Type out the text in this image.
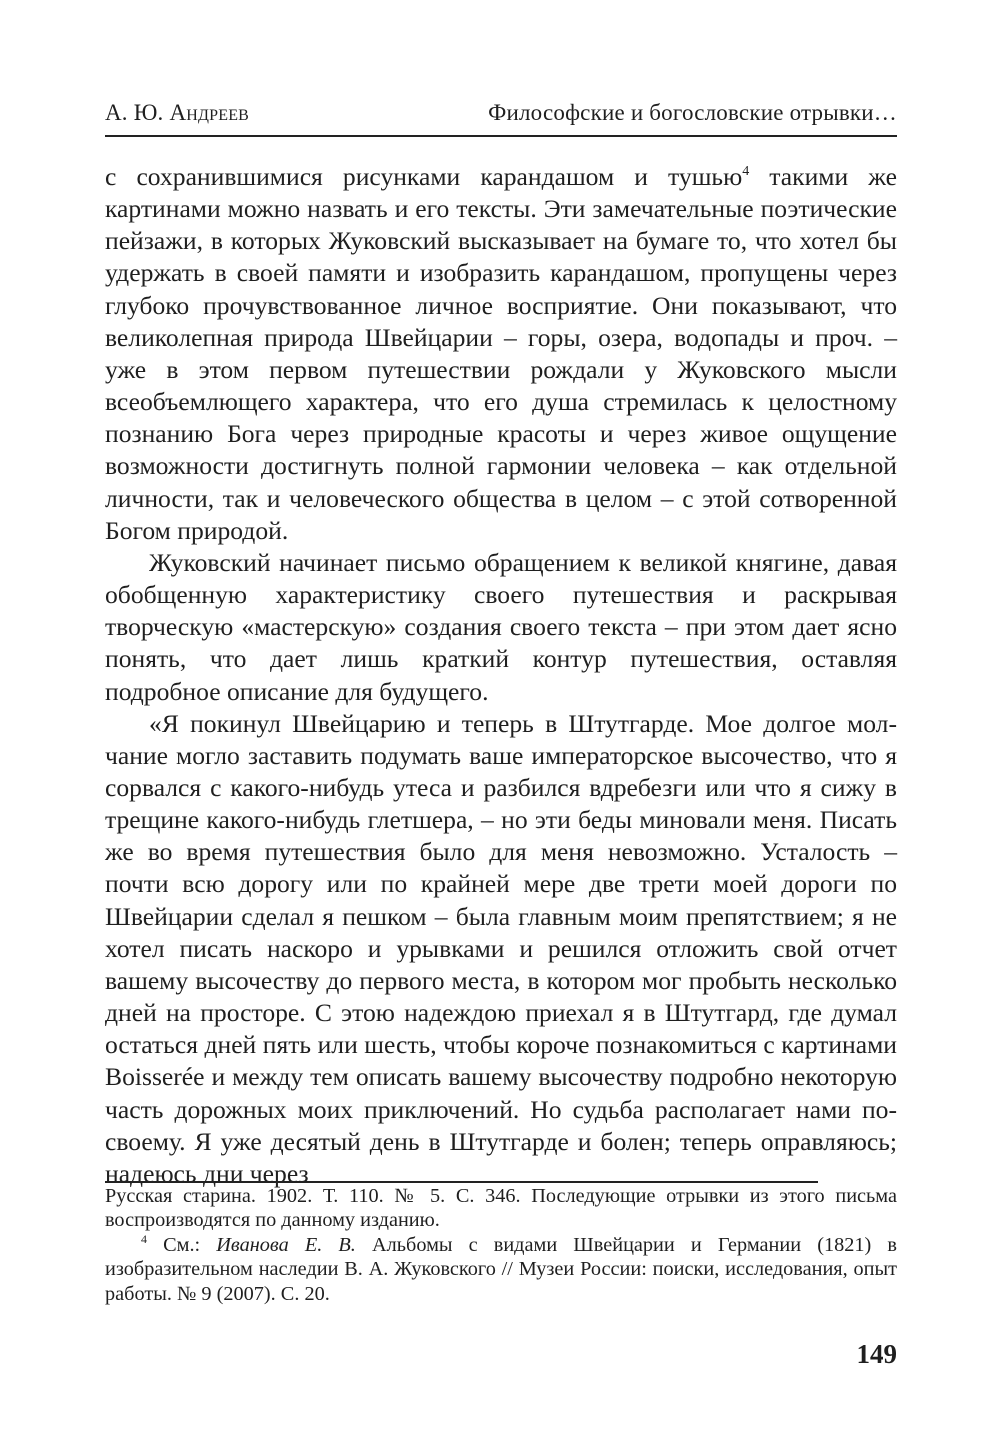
А. Ю. Андреев	Философские и богословские отрывки…

с сохранившимися рисунками карандашом и тушью$^4$ такими же картинами можно назвать и его тексты. Эти замечательные поэтические пейзажи, в которых Жуковский высказывает на бумаге то, что хотел бы удержать в своей памяти и изобразить карандашом, пропущены через глубоко прочувствованное личное восприятие. Они показывают, что великолепная природа Швейцарии – горы, озера, водопады и проч. – уже в этом первом путешествии рождали у Жуковского мысли всеобъемлющего характера, что его душа стремилась к целостному познанию Бога через природные красоты и через живое ощущение возможности достигнуть полной гармонии человека – как отдельной личности, так и человеческого общества в целом – с этой сотворенной Богом природой.

Жуковский начинает письмо обращением к великой княгине, давая обобщенную характеристику своего путешествия и раскрывая творческую «мастерскую» создания своего текста – при этом дает ясно понять, что дает лишь краткий контур путешествия, оставляя подробное описание для будущего.

«Я покинул Швейцарию и теперь в Штутгарде. Мое долгое молчание могло заставить подумать ваше императорское высочество, что я сорвался с какого-нибудь утеса и разбился вдребезги или что я сижу в трещине какого-нибудь глетшера, – но эти беды миновали меня. Писать же во время путешествия было для меня невозможно. Усталость – почти всю дорогу или по крайней мере две трети моей дороги по Швейцарии сделал я пешком – была главным моим препятствием; я не хотел писать наскоро и урывками и решился отложить свой отчет вашему высочеству до первого места, в котором мог пробыть несколько дней на просторе. С этою надеждою приехал я в Штутгард, где думал остаться дней пять или шесть, чтобы короче познакомиться с картинами Boisserée и между тем описать вашему высочеству подробно некоторую часть дорожных моих приключений. Но судьба располагает нами по-своему. Я уже десятый день в Штутгарде и болен; теперь оправляюсь; надеюсь дни через

Русская старина. 1902. Т. 110. № 5. С. 346. Последующие отрывки из этого письма воспроизводятся по данному изданию.

$^4$ См.: Иванова Е. В. Альбомы с видами Швейцарии и Германии (1821) в изобразительном наследии В. А. Жуковского // Музеи России: поиски, исследования, опыт работы. № 9 (2007). С. 20.

149
